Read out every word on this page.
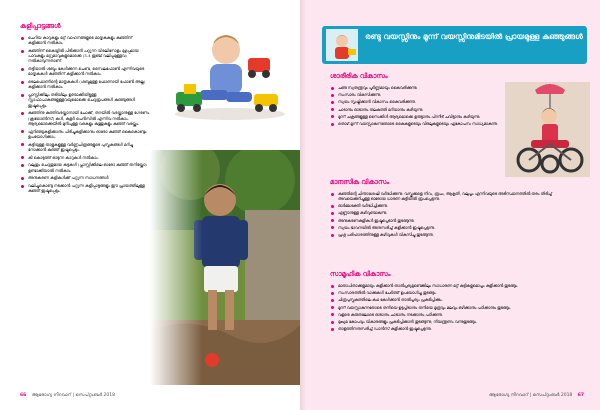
കളിപ്പാട്ടങ്ങൾ
ചെറിയ കാറുകളും മറ്റ് വാഹനങ്ങളുടെ മാതൃകകളും കുഞ്ഞിന് കളിക്കാൻ നൽകാം.
കുഞ്ഞിന് കൈയ്യിൽ പിടിക്കാൻ പറ്റുന്ന വിരലിനോളം മുഴുപ്പമായ പാവകളും മറ്റുമാവുകളുമൊക്കെ (3-4 ഇഞ്ച് വലിപ്പമുള്ളവ) നൽകാവുന്നതാണ്.
തട്ടിയാൽ ശബ്ദം കേൾക്കുന്ന ചെണ്ട, സൈലഫോൺ എന്നിവയുടെ മാതൃകകൾ കുഞ്ഞിന് കളിക്കാൻ നൽകാം.
ടെലഫോണിന്റെ മാതൃകകൾ (ശബ്ദമുള്ള ഫോണായി ഫോൺ അല്ല) കളിക്കാൻ നൽകാം.
പ്ലാസ്റ്റിക്കിലും തടിയിലും ഉണ്ടാക്കിയിട്ടുള്ള സ്റ്റാഫാപാകങ്ങളുള്ളവയുമൊക്കെ ചെറുരൂപങ്ങൾ കുഞ്ഞുങ്ങൾ ഇഷ്ടപ്പെടും.
കുഞ്ഞിനു കുത്തിവരയ്ക്കാനായി ചോക്ക്, തറയിൽ വരയ്ക്കാനുള്ള ഗേരണം (ക്രയോൺസ്) കൾ, കളർ പെൻസിൽ എന്നിവ നൽകാം. ആദ്യമൊക്കെയിൽ മുൻപുള്ള വരകളും കുത്തുകളും കുഞ്ഞ് വരയ്ക്കും.
ഏറിഞ്ഞുകളിക്കാനും പിടിച്ചുകളിക്കാനും ഓരോ കുഞ്ഞ് കൈകൊണ്ടും ഉപയോഗിക്കാം.
കട്ടിയുള്ള താളുകളുള്ള വർണ്ണചിത്രങ്ങളുടെ പുസ്തകങ്ങൾ മറിച്ചു നോക്കാൻ കുഞ്ഞ് ഇഷ്ടപ്പെടും.
കീ കൊടുത്ത് ഓടുന്ന കാറുകൾ നൽകാം.
വലുതും ചെറുതുമായ കട്ടകൾ (പ്ലാസ്റ്റിക്കിലെ ഓരോ കുഞ്ഞ് തനിയ്ക്കോ) ഉണ്ടാക്കിയാൽ നൽകാം.
അനുകരണ കളികൾക്ക് പറ്റുന്ന സാധനങ്ങൾ
വലിച്ചുകൊണ്ടു നടക്കാൻ പറ്റുന്ന കളിപ്പാട്ടങ്ങളും ഈ പ്രായത്തിലുള്ള കുഞ്ഞ് ഇഷ്ടപ്പെടും.
66 ആരോഗ്യ നിറവാറ് | സെപ്റ്റംബർ 2018
രണ്ടു വയസ്സിനും മൂന്ന് വയസ്സിനുമിടയിൽ പ്രായമുള്ള കുഞ്ഞുങ്ങൾ
ശാരീരിക വികാസം
ചങ്ങ സ്വതന്ത്രവും പൂർണ്ണമായും കൈവരിക്കുന്നു.
സംസാരം വികസിക്കുന്നു.
സ്വയം സൃഷ്ടിക്കാൻ വികാസം കൈവരിക്കുന്നു.
ചാടാനും ഓടാനും തലകുത്തി മറിയാനും കഴിയുന്നു.
മൂന്ന് ചക്രങ്ങളുള്ള സൈക്കിൾ ആദ്യമൊക്കെ ഉരുട്ടാനും പിന്നീട് ചവിട്ടാനും കഴിയുന്നു.
തൊഴ്-മൂന്ന് വയസ്സാകുന്നതോടെ കൈകളുടെയും വിരലുകളുടെയും ഏകോപനം സാധ്യമാകുന്നു.
മാനസിക വികാസം
കുഞ്ഞിന്റെ ചിന്താശേഷി വർദ്ധിക്കുന്നു. വസ്തുക്കളെ നിറം, രൂപം, ആകൃതി, വലുപ്പം എന്നിവയുടെ അടിസ്ഥാനത്തിൽ തരം തിരിച്ച് അവയെക്കുറിച്ചുള്ള ഓരോയ ധാരണ കുട്ടിയിൽ രൂപപ്പെടുന്നു.
ഓർമ്മശക്തി വർദ്ധിച്ചിക്കുന്നു.
എണ്ണാനുള്ള കഴിവുണ്ടാകുന്നു.
അനുകരണകളികൾ ഇഷ്ടപ്പെടാൻ തുടങ്ങുന്നു.
സ്വയം ഭാവനയിൽ അനുസരിച്ച് കളിക്കാൻ ഇഷ്ടപ്പെടുന്നു.
പ്രശ്ന പരിഹാരത്തിനുള്ള കഴിവുകൾ വികസിച്ചു തുടങ്ങുന്നു.
സാമൂഹിക വികാസം
മാതാപിതാക്കളുമായും കളിക്കാൻ താൽപ്പര്യമുണ്ടെങ്കിലും സാധാരണ മറ്റ് കുട്ടികളുമൊപ്പം കളിക്കാൻ തുടങ്ങും.
സംസാരത്തിൽ വാക്കുകൾ ചേർത്ത് ഉപയോഗിച്ചു തുടങ്ങും.
ചിത്രപുസ്തകത്തിലെ കഥ കേൾക്കാൻ താൽപ്പര്യം പ്രകടിപ്പിക്കും.
മൂന്ന് വയസ്സാകുന്നതോടെ തനിയെ ഉടുപ്പിടാനും തനിയെ മൂത്രവും മലവും ഒഴിക്കാനും പഠിക്കാനും തുടങ്ങും.
വളരെ കരുതലോടെ ഓടാനും ചാടാനും നടക്കാനും പഠിക്കുന്നു.
മുഖ്യമ കോപവും വികാരങ്ങളും പ്രകടിപ്പിക്കാൻ തുടങ്ങുന്നു, നിയന്ത്രണം വന്നുതുടങ്ങും.
താളത്തിനനുസരിച്ച് ഡാൻസ് കളിക്കാൻ ഇഷ്ടപ്പെടുന്നു.
ആരോഗ്യ നിറവാറ് | സെപ്റ്റംബർ 2018 67
